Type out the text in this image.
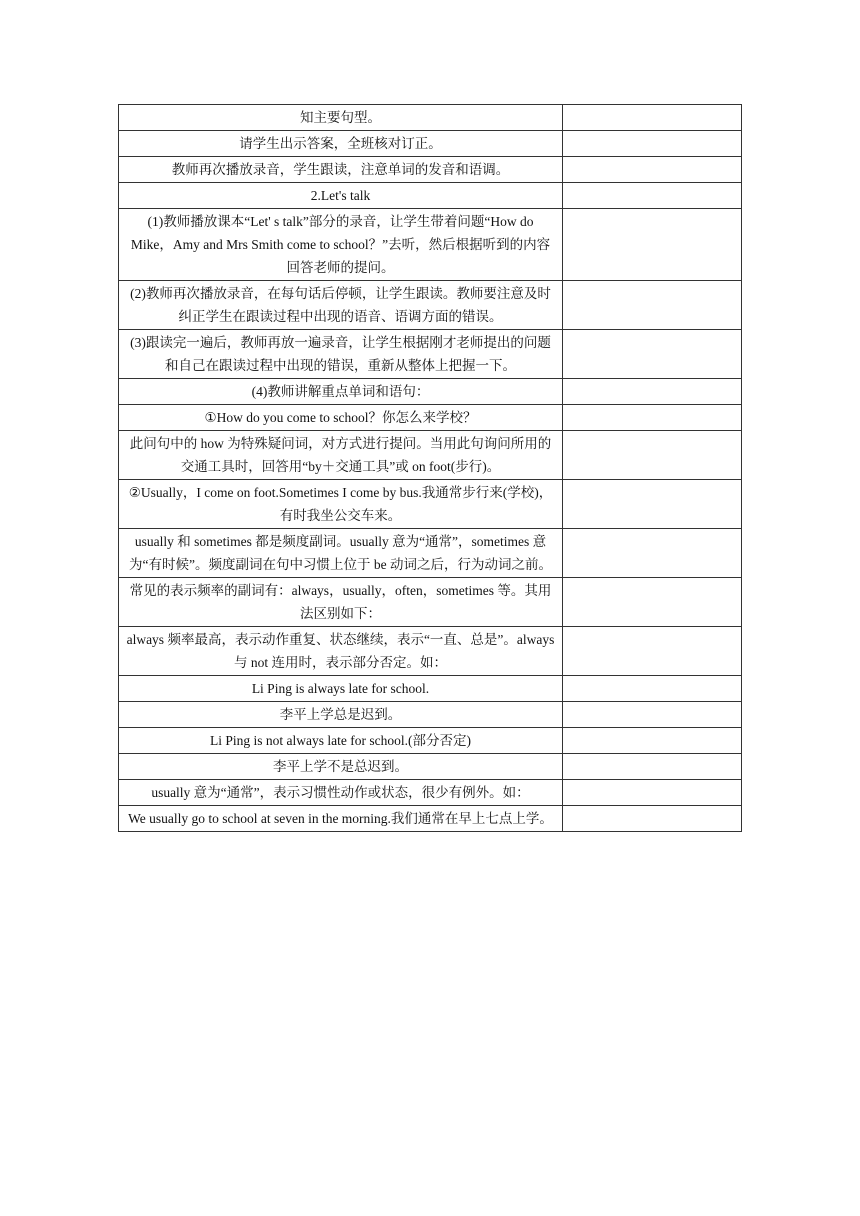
知主要句型。	
请学生出示答案，全班核对订正。	
教师再次播放录音，学生跟读，注意单词的发音和语调。	
2.Let's talk	
(1)教师播放课本“Let' s talk”部分的录音，让学生带着问题“How do Mike，Amy and Mrs Smith come to school？”去听，然后根据听到的内容回答老师的提问。	
(2)教师再次播放录音，在每句话后停顿，让学生跟读。教师要注意及时纠正学生在跟读过程中出现的语音、语调方面的错误。	
(3)跟读完一遍后，教师再放一遍录音，让学生根据刚才老师提出的问题和自己在跟读过程中出现的错误，重新从整体上把握一下。	
(4)教师讲解重点单词和语句：	
①How do you come to school？你怎么来学校？	
此问句中的 how 为特殊疑问词，对方式进行提问。当用此句询问所用的交通工具时，回答用“by＋交通工具”或 on foot(步行)。	
②Usually，I come on foot.Sometimes I come by bus.我通常步行来(学校)，有时我坐公交车来。	
usually 和 sometimes 都是频度副词。usually 意为“通常”，sometimes 意为“有时候”。频度副词在句中习惯上位于 be 动词之后，行为动词之前。	
常见的表示频率的副词有：always，usually，often，sometimes 等。其用法区别如下：	
always 频率最高，表示动作重复、状态继续，表示“一直、总是”。always 与 not 连用时，表示部分否定。如：	
Li Ping is always late for school.	
李平上学总是迟到。	
Li Ping is not always late for school.(部分否定)	
李平上学不是总迟到。	
usually 意为“通常”，表示习惯性动作或状态，很少有例外。如：	
We usually go to school at seven in the morning.我们通常在早上七点上学。	
